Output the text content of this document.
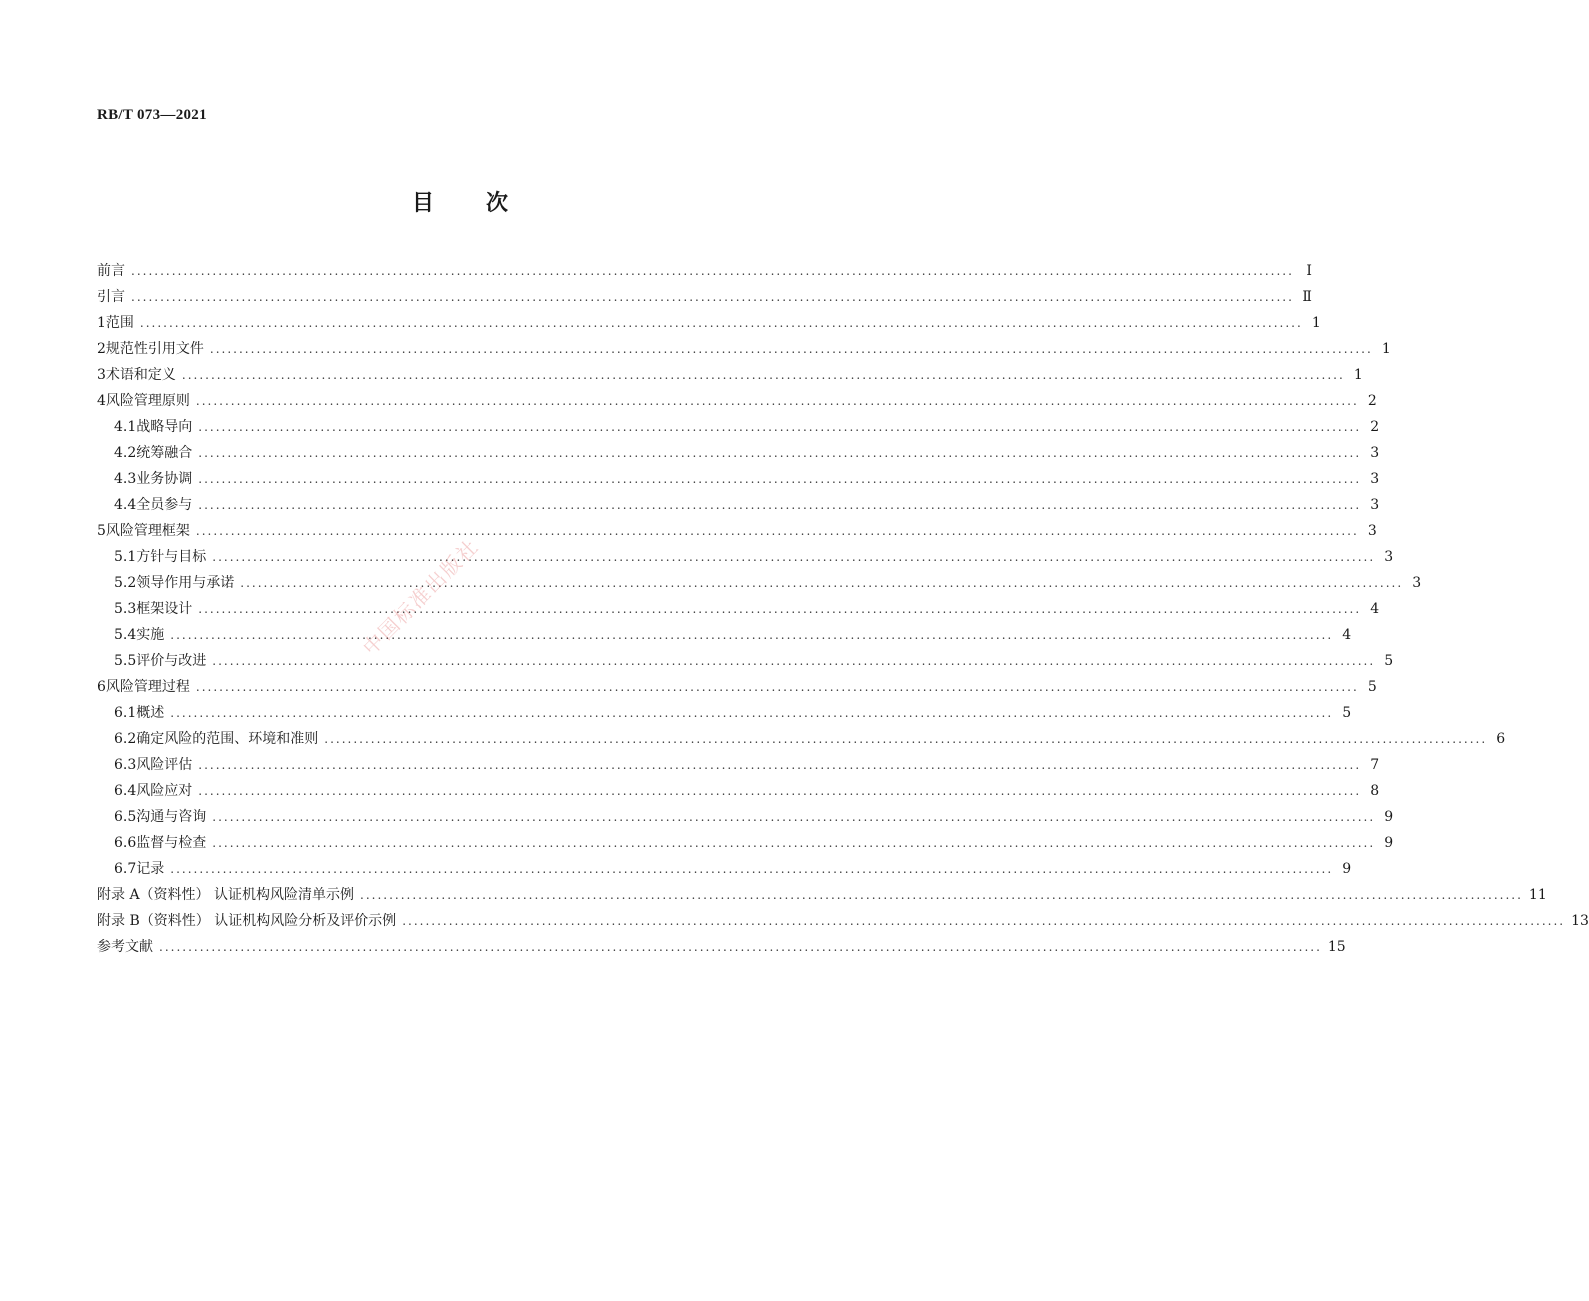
RB/T 073—2021
目 次
前言 ........................................................................................................................................................................................................ Ⅰ
引言 ........................................................................................................................................................................................................ Ⅱ
1 范围 ........................................................................................................................................................................................................ 1
2 规范性引用文件 ........................................................................................................................................................................................................ 1
3 术语和定义 ........................................................................................................................................................................................................ 1
4 风险管理原则 ........................................................................................................................................................................................................ 2
4.1 战略导向 ........................................................................................................................................................................................................ 2
4.2 统筹融合 ........................................................................................................................................................................................................ 3
4.3 业务协调 ........................................................................................................................................................................................................ 3
4.4 全员参与 ........................................................................................................................................................................................................ 3
5 风险管理框架 ........................................................................................................................................................................................................ 3
5.1 方针与目标 ........................................................................................................................................................................................................ 3
5.2 领导作用与承诺 ........................................................................................................................................................................................................ 3
5.3 框架设计 ........................................................................................................................................................................................................ 4
5.4 实施 ........................................................................................................................................................................................................ 4
5.5 评价与改进 ........................................................................................................................................................................................................ 5
6 风险管理过程 ........................................................................................................................................................................................................ 5
6.1 概述 ........................................................................................................................................................................................................ 5
6.2 确定风险的范围、环境和准则 ........................................................................................................................................................................................................ 6
6.3 风险评估 ........................................................................................................................................................................................................ 7
6.4 风险应对 ........................................................................................................................................................................................................ 8
6.5 沟通与咨询 ........................................................................................................................................................................................................ 9
6.6 监督与检查 ........................................................................................................................................................................................................ 9
6.7 记录 ........................................................................................................................................................................................................ 9
附录 A（资料性） 认证机构风险清单示例 ........................................................................................................................................................................................................ 11
附录 B（资料性） 认证机构风险分析及评价示例 ........................................................................................................................................................................................................ 13
参考文献 ........................................................................................................................................................................................................ 15
中国标准出版社
